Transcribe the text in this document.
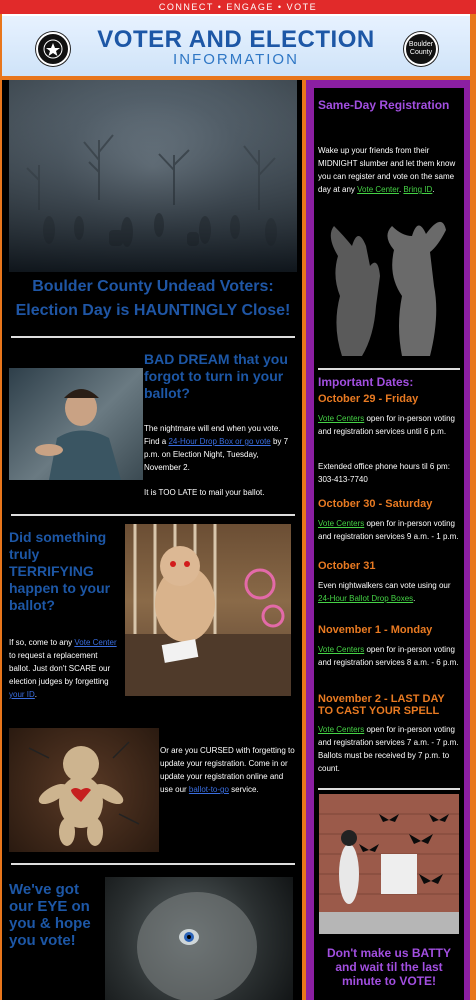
CONNECT • ENGAGE • VOTE
VOTER AND ELECTION
INFORMATION
Boulder County
Boulder County Undead Voters:
Election Day is HAUNTINGLY Close!
BAD DREAM that you forgot to turn in your ballot?
The nightmare will end when you vote. Find a 24-Hour Drop Box or go vote by 7 p.m. on Election Night, Tuesday, November 2.
It is TOO LATE to mail your ballot.
Did something truly TERRIFYING happen to your ballot?
If so, come to any Vote Center to request a replacement ballot. Just don't SCARE our election judges by forgetting your ID.
Or are you CURSED with forgetting to update your registration. Come in or update your registration online and use our ballot-to-go service.
We've got our EYE on you & hope you vote!
Same-Day Registration
Wake up your friends from their MIDNIGHT slumber and let them know you can register and vote on the same day at any Vote Center. Bring ID.
Important Dates:
October 29 - Friday
Vote Centers open for in-person voting and registration services until 6 p.m.
Extended office phone hours til 6 pm: 303-413-7740
October 30 - Saturday
Vote Centers open for in-person voting and registration services 9 a.m. - 1 p.m.
October 31
Even nightwalkers can vote using our 24-Hour Ballot Drop Boxes.
November 1 - Monday
Vote Centers open for in-person voting and registration services 8 a.m. - 6 p.m.
November 2 - LAST DAY TO CAST YOUR SPELL
Vote Centers open for in-person voting and registration services 7 a.m. - 7 p.m. Ballots must be received by 7 p.m. to count.
Don't make us BATTY and wait til the last minute to VOTE!
